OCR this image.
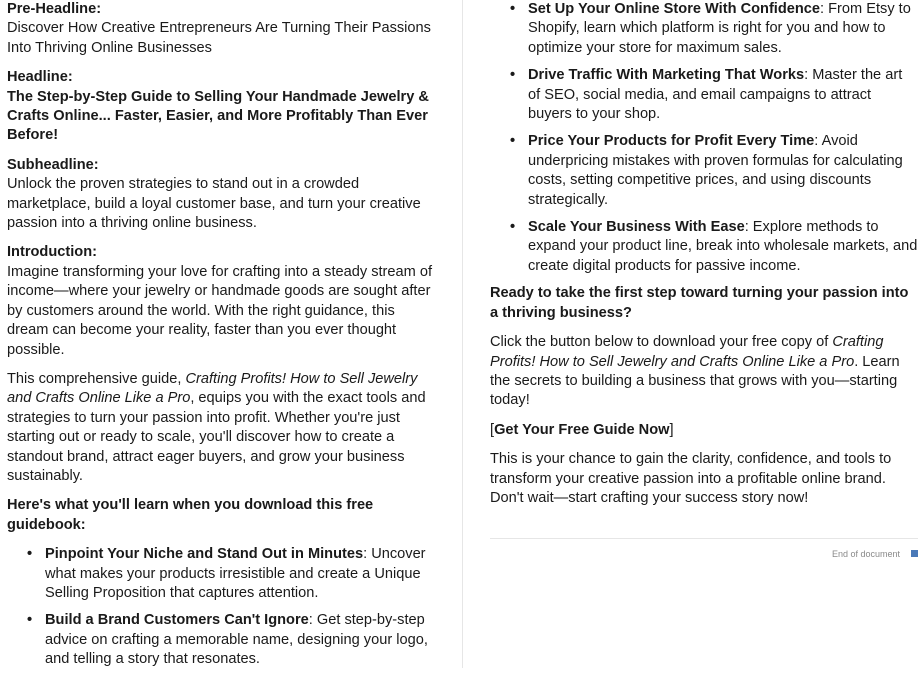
Pre-Headline:

Discover How Creative Entrepreneurs Are Turning Their Passions Into Thriving Online Businesses

Headline:

The Step-by-Step Guide to Selling Your Handmade Jewelry & Crafts Online... Faster, Easier, and More Profitably Than Ever Before!

Subheadline:

Unlock the proven strategies to stand out in a crowded marketplace, build a loyal customer base, and turn your creative passion into a thriving online business.

Introduction:

Imagine transforming your love for crafting into a steady stream of income—where your jewelry or handmade goods are sought after by customers around the world. With the right guidance, this dream can become your reality, faster than you ever thought possible.

This comprehensive guide, Crafting Profits! How to Sell Jewelry and Crafts Online Like a Pro, equips you with the exact tools and strategies to turn your passion into profit. Whether you're just starting out or ready to scale, you'll discover how to create a standout brand, attract eager buyers, and grow your business sustainably.

Here's what you'll learn when you download this free guidebook:

• Pinpoint Your Niche and Stand Out in Minutes: Uncover what makes your products irresistible and create a Unique Selling Proposition that captures attention.
• Build a Brand Customers Can't Ignore: Get step-by-step advice on crafting a memorable name, designing your logo, and telling a story that resonates.
• Set Up Your Online Store With Confidence: From Etsy to Shopify, learn which platform is right for you and how to optimize your store for maximum sales.
• Drive Traffic With Marketing That Works: Master the art of SEO, social media, and email campaigns to attract buyers to your shop.
• Price Your Products for Profit Every Time: Avoid underpricing mistakes with proven formulas for calculating costs, setting competitive prices, and using discounts strategically.
• Scale Your Business With Ease: Explore methods to expand your product line, break into wholesale markets, and create digital products for passive income.

Ready to take the first step toward turning your passion into a thriving business?

Click the button below to download your free copy of Crafting Profits! How to Sell Jewelry and Crafts Online Like a Pro. Learn the secrets to building a business that grows with you—starting today!

[Get Your Free Guide Now]

This is your chance to gain the clarity, confidence, and tools to transform your creative passion into a profitable online brand. Don't wait—start crafting your success story now!

End of document
